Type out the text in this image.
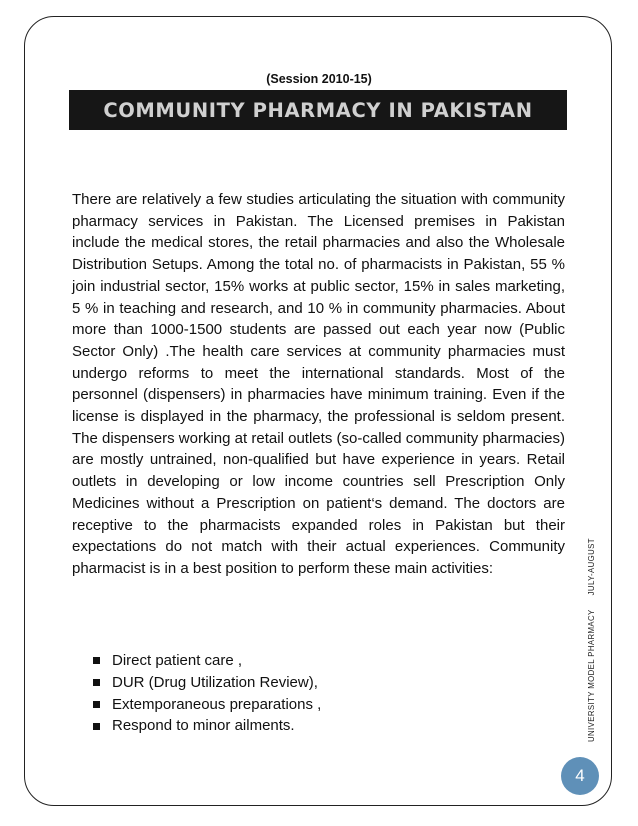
(Session 2010-15)
COMMUNITY PHARMACY IN PAKISTAN

There are relatively a few studies articulating the situation with community pharmacy services in Pakistan. The Licensed premises in Pakistan include the medical stores, the retail pharmacies and also the Wholesale Distribution Setups. Among the total no. of pharmacists in Pakistan, 55 % join industrial sector, 15% works at public sector, 15% in sales marketing, 5 % in teaching and research, and 10 % in community pharmacies. About more than 1000-1500 students are passed out each year now (Public Sector Only) .The health care services at community pharmacies must undergo reforms to meet the international standards. Most of the personnel (dispensers) in pharmacies have minimum training. Even if the license is displayed in the pharmacy, the professional is seldom present. The dispensers working at retail outlets (so-called community pharmacies) are mostly untrained, non-qualified but have experience in years. Retail outlets in developing or low income countries sell Prescription Only Medicines without a Prescription on patient‘s demand. The doctors are receptive to the pharmacists expanded roles in Pakistan but their expectations do not match with their actual experiences. Community pharmacist is in a best position to perform these main activities:

Direct patient care ,
DUR (Drug Utilization Review),
Extemporaneous preparations ,
Respond to minor ailments.	UNIVERSITY MODEL PHARMACYJULY-AUGUST
4
